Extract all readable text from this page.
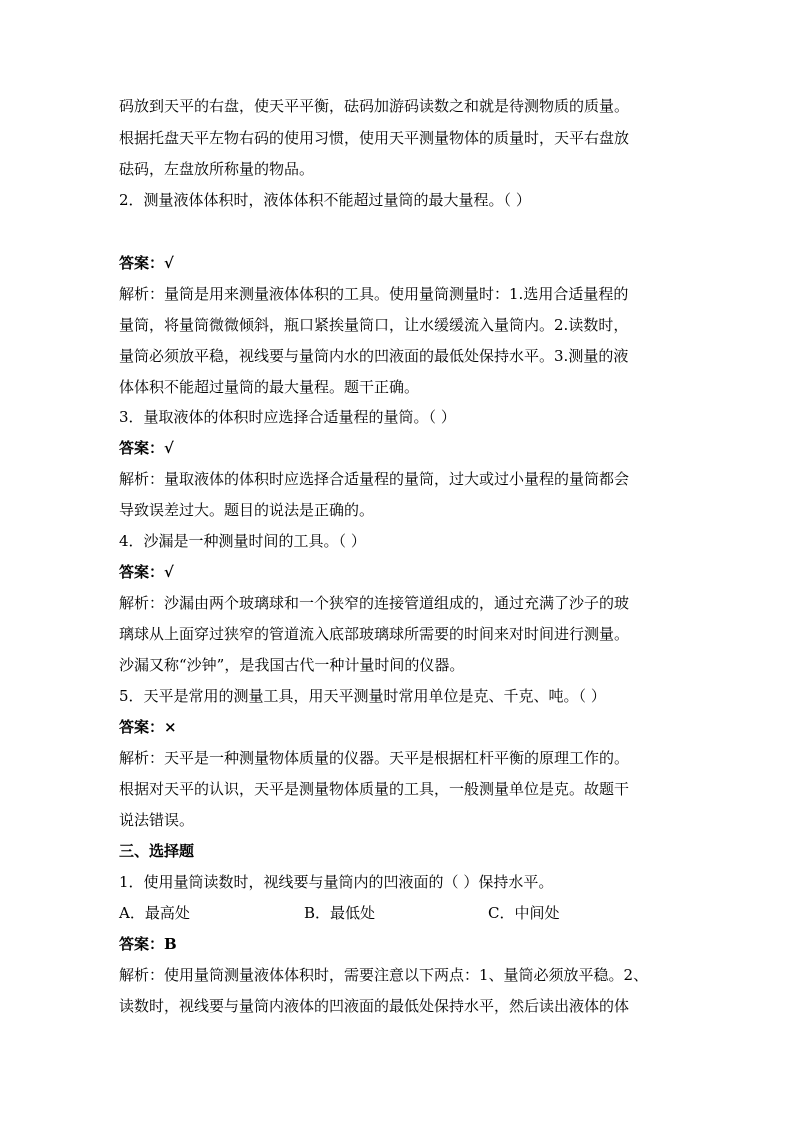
码放到天平的右盘，使天平平衡，砝码加游码读数之和就是待测物质的质量。
根据托盘天平左物右码的使用习惯，使用天平测量物体的质量时，天平右盘放
砝码，左盘放所称量的物品。
2．测量液体体积时，液体体积不能超过量筒的最大量程。（ ）
答案：√
解析：量筒是用来测量液体体积的工具。使用量筒测量时：1.选用合适量程的
量筒，将量筒微微倾斜，瓶口紧挨量筒口，让水缓缓流入量筒内。2.读数时，
量筒必须放平稳，视线要与量筒内水的凹液面的最低处保持水平。3.测量的液
体体积不能超过量筒的最大量程。题干正确。
3．量取液体的体积时应选择合适量程的量筒。（ ）
答案：√
解析：量取液体的体积时应选择合适量程的量筒，过大或过小量程的量筒都会
导致误差过大。题目的说法是正确的。
4．沙漏是一种测量时间的工具。（ ）
答案：√
解析：沙漏由两个玻璃球和一个狭窄的连接管道组成的，通过充满了沙子的玻
璃球从上面穿过狭窄的管道流入底部玻璃球所需要的时间来对时间进行测量。
沙漏又称“沙钟”，是我国古代一种计量时间的仪器。
5．天平是常用的测量工具，用天平测量时常用单位是克、千克、吨。（ ）
答案：×
解析：天平是一种测量物体质量的仪器。天平是根据杠杆平衡的原理工作的。
根据对天平的认识，天平是测量物体质量的工具，一般测量单位是克。故题干
说法错误。
三、选择题
1．使用量筒读数时，视线要与量筒内的凹液面的（ ）保持水平。
A．最高处	B．最低处	C．中间处
答案：B
解析：使用量筒测量液体体积时，需要注意以下两点：1、量筒必须放平稳。2、
读数时，视线要与量筒内液体的凹液面的最低处保持水平，然后读出液体的体
